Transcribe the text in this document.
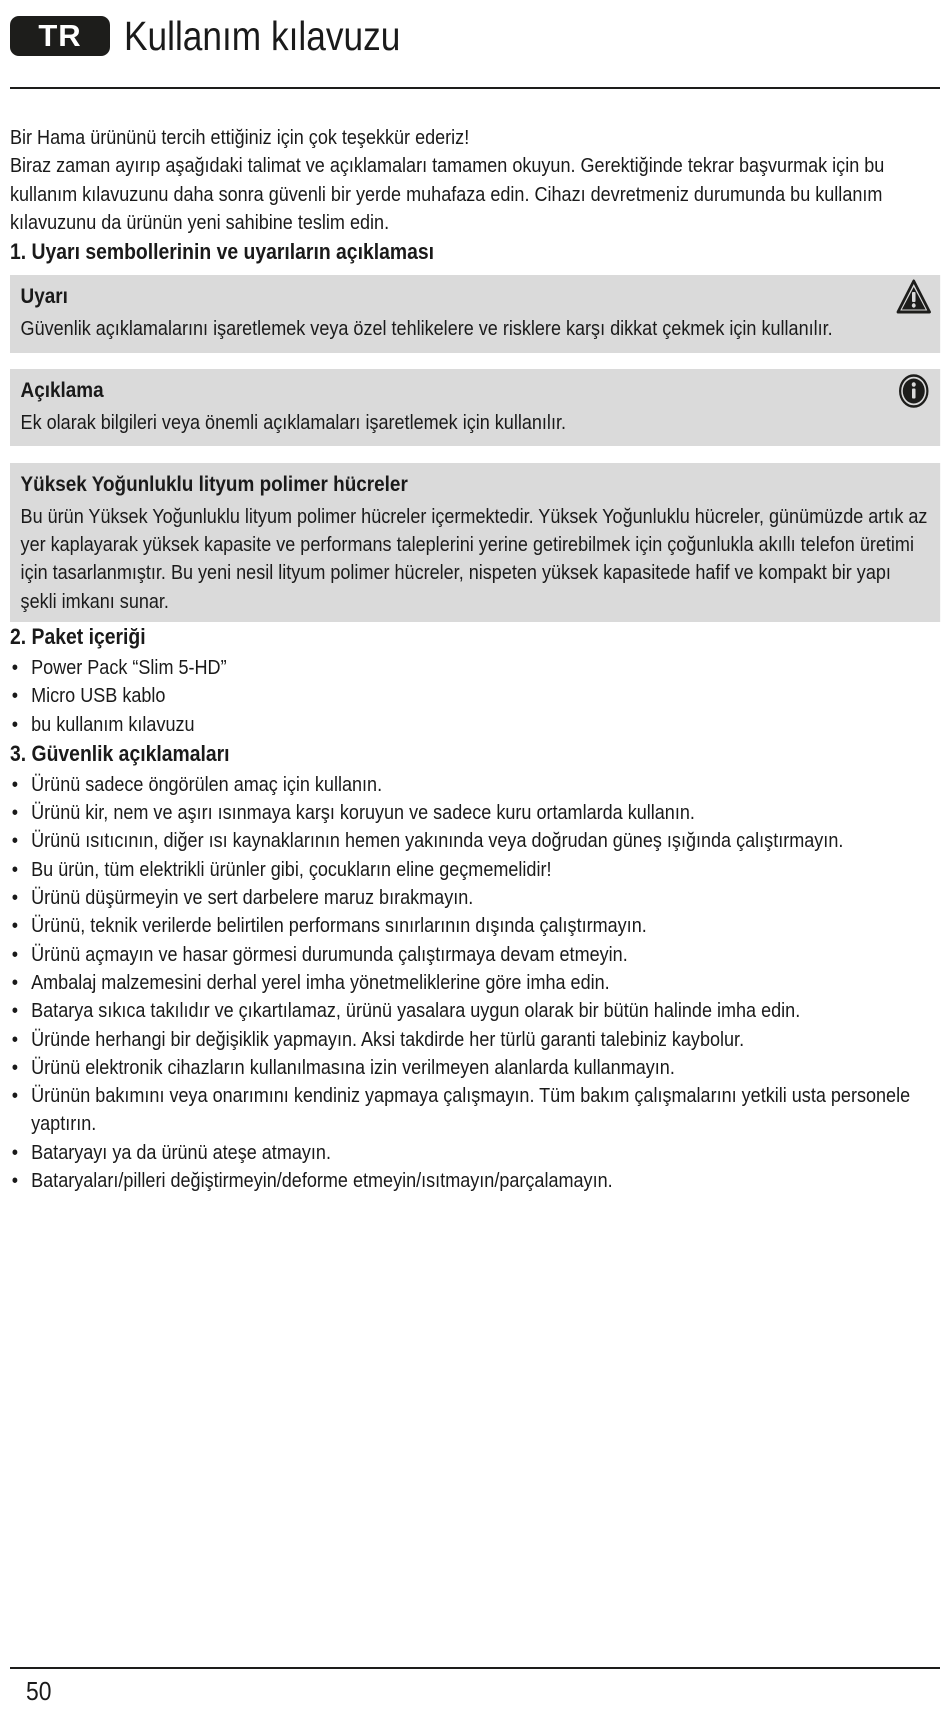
TR	Kullanım kılavuzu

Bir Hama ürününü tercih ettiğiniz için çok teşekkür ederiz!

Biraz zaman ayırıp aşağıdaki talimat ve açıklamaları tamamen okuyun. Gerektiğinde tekrar başvurmak için bu kullanım kılavuzunu daha sonra güvenli bir yerde muhafaza edin. Cihazı devretmeniz durumunda bu kullanım kılavuzunu da ürünün yeni sahibine teslim edin.

1. Uyarı sembollerinin ve uyarıların açıklaması
Uyarı

Güvenlik açıklamalarını işaretlemek veya özel tehlikelere ve risklere karşı dikkat çekmek için kullanılır.

Açıklama

Ek olarak bilgileri veya önemli açıklamaları işaretlemek için kullanılır.

Yüksek Yoğunluklu lityum polimer hücreler

Bu ürün Yüksek Yoğunluklu lityum polimer hücreler içermektedir. Yüksek Yoğunluklu hücreler, günümüzde artık az yer kaplayarak yüksek kapasite ve performans taleplerini yerine getirebilmek için çoğunlukla akıllı telefon üretimi için tasarlanmıştır. Bu yeni nesil lityum polimer hücreler, nispeten yüksek kapasitede hafif ve kompakt bir yapı şekli imkanı sunar.

2. Paket içeriği
• Power Pack “Slim 5-HD”
• Micro USB kablo
• bu kullanım kılavuzu
3. Güvenlik açıklamaları
• Ürünü sadece öngörülen amaç için kullanın.
• Ürünü kir, nem ve aşırı ısınmaya karşı koruyun ve sadece kuru ortamlarda kullanın.
• Ürünü ısıtıcının, diğer ısı kaynaklarının hemen yakınında veya doğrudan güneş ışığında çalıştırmayın.
• Bu ürün, tüm elektrikli ürünler gibi, çocukların eline geçmemelidir!
• Ürünü düşürmeyin ve sert darbelere maruz bırakmayın.
• Ürünü, teknik verilerde belirtilen performans sınırlarının dışında çalıştırmayın.
• Ürünü açmayın ve hasar görmesi durumunda çalıştırmaya devam etmeyin.
• Ambalaj malzemesini derhal yerel imha yönetmeliklerine göre imha edin.
• Batarya sıkıca takılıdır ve çıkartılamaz, ürünü yasalara uygun olarak bir bütün halinde imha edin.
• Üründe herhangi bir değişiklik yapmayın. Aksi takdirde her türlü garanti talebiniz kaybolur.
• Ürünü elektronik cihazların kullanılmasına izin verilmeyen alanlarda kullanmayın.
• Ürünün bakımını veya onarımını kendiniz yapmaya çalışmayın. Tüm bakım çalışmalarını yetkili usta personele yaptırın.
• Bataryayı ya da ürünü ateşe atmayın.
• Bataryaları/pilleri değiştirmeyin/deforme etmeyin/ısıtmayın/parçalamayın.
50
